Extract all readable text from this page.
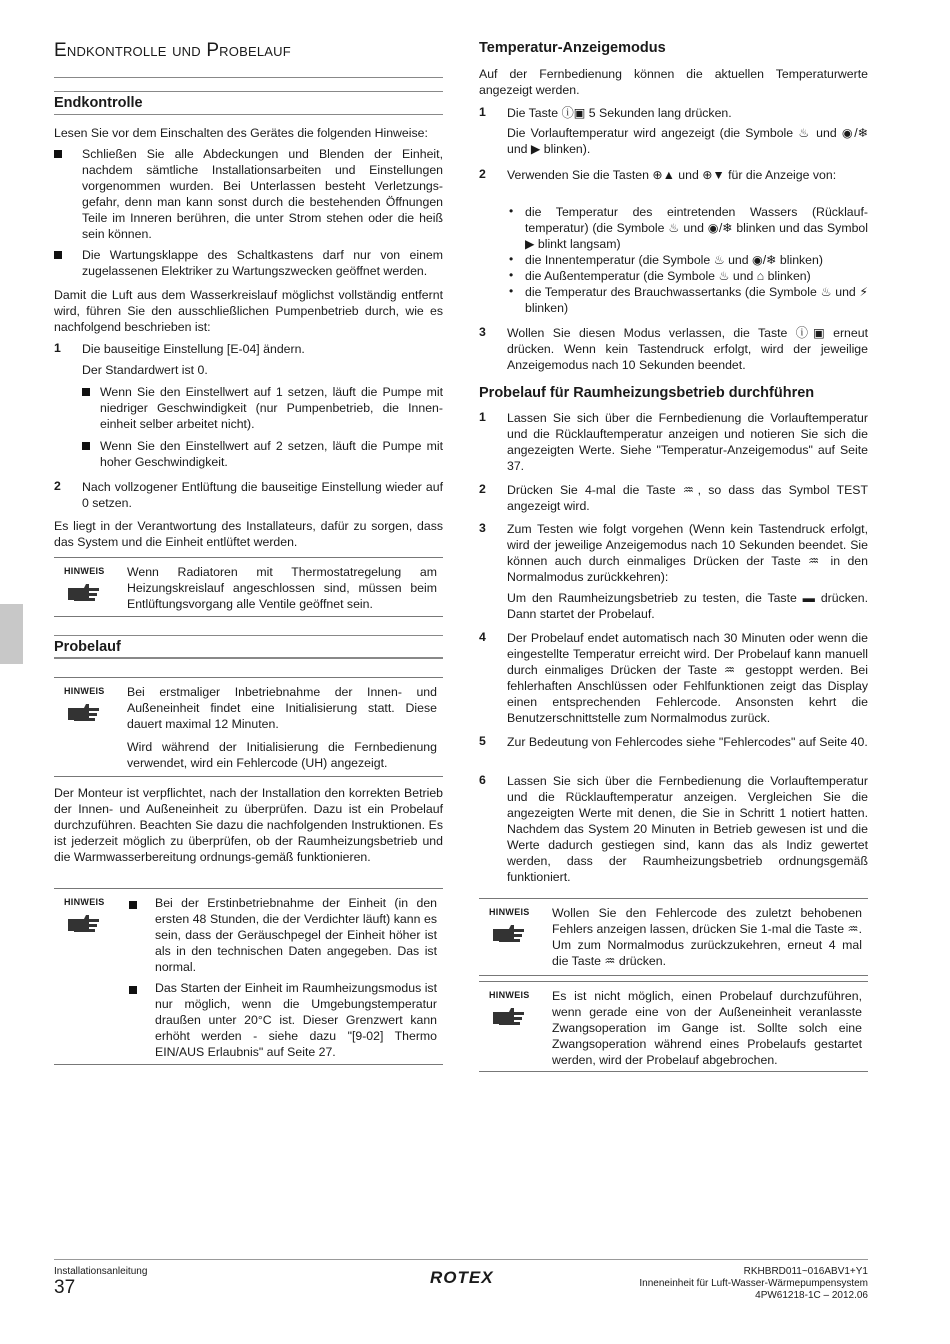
Endkontrolle und Probelauf
Endkontrolle

Lesen Sie vor dem Einschalten des Gerätes die folgenden Hinweise:

Schließen Sie alle Abdeckungen und Blenden der Einheit, nachdem sämtliche Installationsarbeiten und Einstellungen vorgenommen wurden. Bei Unterlassen besteht Verletzungs-gefahr, denn man kann sonst durch die bestehenden Öffnungen Teile im Inneren berühren, die unter Strom stehen oder die heiß sein können.

Die Wartungsklappe des Schaltkastens darf nur von einem zugelassenen Elektriker zu Wartungszwecken geöffnet werden.

Damit die Luft aus dem Wasserkreislauf möglichst vollständig entfernt wird, führen Sie den ausschließlichen Pumpenbetrieb durch, wie es nachfolgend beschrieben ist:

1 Die bauseitige Einstellung [E-04] ändern.

Der Standardwert ist 0.

Wenn Sie den Einstellwert auf 1 setzen, läuft die Pumpe mit niedriger Geschwindigkeit (nur Pumpenbetrieb, die Innen-einheit selber arbeitet nicht).

Wenn Sie den Einstellwert auf 2 setzen, läuft die Pumpe mit hoher Geschwindigkeit.

2 Nach vollzogener Entlüftung die bauseitige Einstellung wieder auf 0 setzen.

Es liegt in der Verantwortung des Installateurs, dafür zu sorgen, dass das System und die Einheit entlüftet werden.

HINWEIS Wenn Radiatoren mit Thermostatregelung am Heizungskreislauf angeschlossen sind, müssen beim Entlüftungsvorgang alle Ventile geöffnet sein.

Probelauf
HINWEIS Bei erstmaliger Inbetriebnahme der Innen- und Außeneinheit findet eine Initialisierung statt. Diese dauert maximal 12 Minuten.

Wird während der Initialisierung die Fernbedienung verwendet, wird ein Fehlercode (UH) angezeigt.

Der Monteur ist verpflichtet, nach der Installation den korrekten Betrieb der Innen- und Außeneinheit zu überprüfen. Dazu ist ein Probelauf durchzuführen. Beachten Sie dazu die nachfolgenden Instruktionen. Es ist jederzeit möglich zu überprüfen, ob der Raumheizungsbetrieb und die Warmwasserbereitung ordnungs-gemäß funktionieren.

HINWEIS	Bei der Erstinbetriebnahme der Einheit (in den ersten 48 Stunden, die der Verdichter läuft) kann es sein, dass der Geräuschpegel der Einheit höher ist als in den technischen Daten angegeben. Das ist normal.

Das Starten der Einheit im Raumheizungsmodus ist nur möglich, wenn die Umgebungstemperatur draußen unter 20°C ist. Dieser Grenzwert kann erhöht werden - siehe dazu "[9-02] Thermo EIN/AUS Erlaubnis" auf Seite 27.

Temperatur-Anzeigemodus

Auf der Fernbedienung können die aktuellen Temperaturwerte angezeigt werden.

1 Die Taste ⓘ▣ 5 Sekunden lang drücken.

Die Vorlauftemperatur wird angezeigt (die Symbole ♨ und ◉/❄ und ▶ blinken).

2 Verwenden Sie die Tasten ⊕▲ und ⊕▼ für die Anzeige von:

• die Temperatur des eintretenden Wassers (Rücklauf-temperatur) (die Symbole ♨ und ◉/❄ blinken und das Symbol ▶ blinkt langsam)

• die Innentemperatur (die Symbole ♨ und ◉/❄ blinken)

• die Außentemperatur (die Symbole ♨ und ⌂ blinken)

• die Temperatur des Brauchwassertanks (die Symbole ♨ und ⚡ blinken)

3 Wollen Sie diesen Modus verlassen, die Taste ⓘ▣ erneut drücken. Wenn kein Tastendruck erfolgt, wird der jeweilige Anzeigemodus nach 10 Sekunden beendet.

Probelauf für Raumheizungsbetrieb durchführen
1 Lassen Sie sich über die Fernbedienung die Vorlauftemperatur und die Rücklauftemperatur anzeigen und notieren Sie sich die angezeigten Werte. Siehe "Temperatur-Anzeigemodus" auf Seite 37.

2 Drücken Sie 4-mal die Taste ♒, so dass das Symbol TEST angezeigt wird.

3 Zum Testen wie folgt vorgehen (Wenn kein Tastendruck erfolgt, wird der jeweilige Anzeigemodus nach 10 Sekunden beendet. Sie können auch durch einmaliges Drücken der Taste ♒ in den Normalmodus zurückkehren):

Um den Raumheizungsbetrieb zu testen, die Taste ▬ drücken. Dann startet der Probelauf.

4 Der Probelauf endet automatisch nach 30 Minuten oder wenn die eingestellte Temperatur erreicht wird. Der Probelauf kann manuell durch einmaliges Drücken der Taste ♒ gestoppt werden. Bei fehlerhaften Anschlüssen oder Fehlfunktionen zeigt das Display einen entsprechenden Fehlercode. Ansonsten kehrt die Benutzerschnittstelle zum Normalmodus zurück.

5 Zur Bedeutung von Fehlercodes siehe "Fehlercodes" auf Seite 40.

6 Lassen Sie sich über die Fernbedienung die Vorlauftemperatur und die Rücklauftemperatur anzeigen. Vergleichen Sie die angezeigten Werte mit denen, die Sie in Schritt 1 notiert hatten. Nachdem das System 20 Minuten in Betrieb gewesen ist und die Werte dadurch gestiegen sind, kann das als Indiz gewertet werden, dass der Raumheizungsbetrieb ordnungsgemäß funktioniert.

HINWEIS Wollen Sie den Fehlercode des zuletzt behobenen Fehlers anzeigen lassen, drücken Sie 1-mal die Taste ♒. Um zum Normalmodus zurückzukehren, erneut 4 mal die Taste ♒ drücken.

HINWEIS Es ist nicht möglich, einen Probelauf durchzuführen, wenn gerade eine von der Außeneinheit veranlasste Zwangsoperation im Gange ist. Sollte solch eine Zwangsoperation während eines Probelaufs gestartet werden, wird der Probelauf abgebrochen.

Installationsanleitung

37	ROTEX	RKHBRD011~016ABV1+Y1

Inneneinheit für Luft-Wasser-Wärmepumpensystem

4PW61218-1C – 2012.06
